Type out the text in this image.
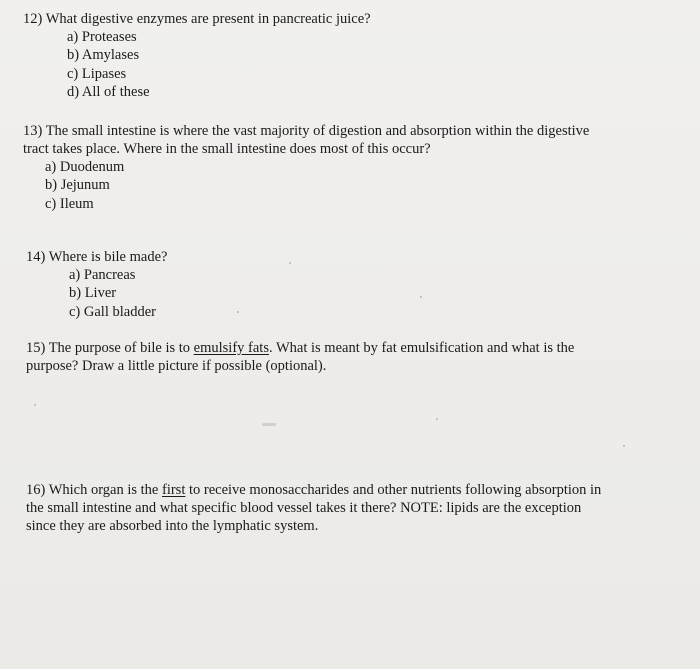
12) What digestive enzymes are present in pancreatic juice?
a) Proteases
b) Amylases
c) Lipases
d) All of these
13) The small intestine is where the vast majority of digestion and absorption within the digestive
tract takes place. Where in the small intestine does most of this occur?
a) Duodenum
b) Jejunum
c) Ileum
14) Where is bile made?
a) Pancreas
b) Liver
c) Gall bladder
15) The purpose of bile is to emulsify fats. What is meant by fat emulsification and what is the
purpose? Draw a little picture if possible (optional).
16) Which organ is the first to receive monosaccharides and other nutrients following absorption in
the small intestine and what specific blood vessel takes it there? NOTE: lipids are the exception
since they are absorbed into the lymphatic system.
